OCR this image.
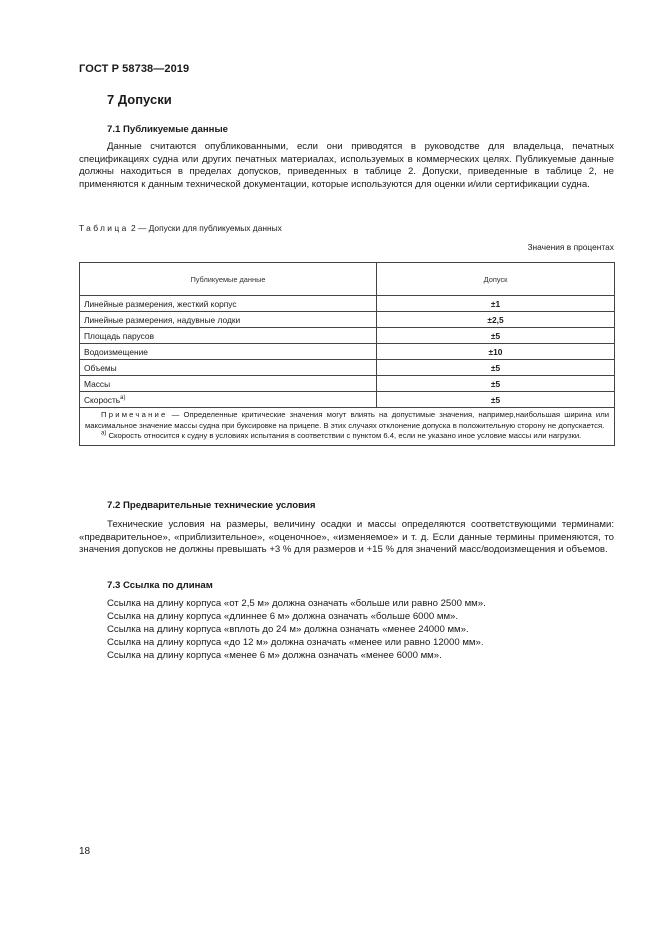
ГОСТ Р 58738—2019
7 Допуски
7.1 Публикуемые данные
Данные считаются опубликованными, если они приводятся в руководстве для владельца, печатных спецификациях судна или других печатных материалах, используемых в коммерческих целях. Публикуемые данные должны находиться в пределах допусков, приведенных в таблице 2. Допуски, приведенные в таблице 2, не применяются к данным технической документации, которые используются для оценки и/или сертификации судна.
Таблица 2 — Допуски для публикуемых данных
Значения в процентах
Публикуемые данные	Допуск
Линейные размерения, жесткий корпус	±1
Линейные размерения, надувные лодки	±2,5
Площадь парусов	±5
Водоизмещение	±10
Объемы	±5
Массы	±5
Скорость$^{а)}$	±5

Примечание — Определенные критические значения могут влиять на допустимые значения, например,наибольшая ширина или максимальное значение массы судна при буксировке на прицепе. В этих случаях отклонение допуска в положительную сторону не допускается.
$^{а)}$ Скорость относится к судну в условиях испытания в соответствии с пунктом 6.4, если не указано иное условие массы или нагрузки.	
7.2 Предварительные технические условия
Технические условия на размеры, величину осадки и массы определяются соответствующими терминами: «предварительное», «приблизительное», «оценочное», «изменяемое» и т. д. Если данные термины применяются, то значения допусков не должны превышать +3 % для размеров и +15 % для значений масс/водоизмещения и объемов.
7.3 Ссылка по длинам
Ссылка на длину корпуса «от 2,5 м» должна означать «больше или равно 2500 мм».
Ссылка на длину корпуса «длиннее 6 м» должна означать «больше 6000 мм».
Ссылка на длину корпуса «вплоть до 24 м» должна означать «менее 24000 мм».
Ссылка на длину корпуса «до 12 м» должна означать «менее или равно 12000 мм».
Ссылка на длину корпуса «менее 6 м» должна означать «менее 6000 мм».
18
